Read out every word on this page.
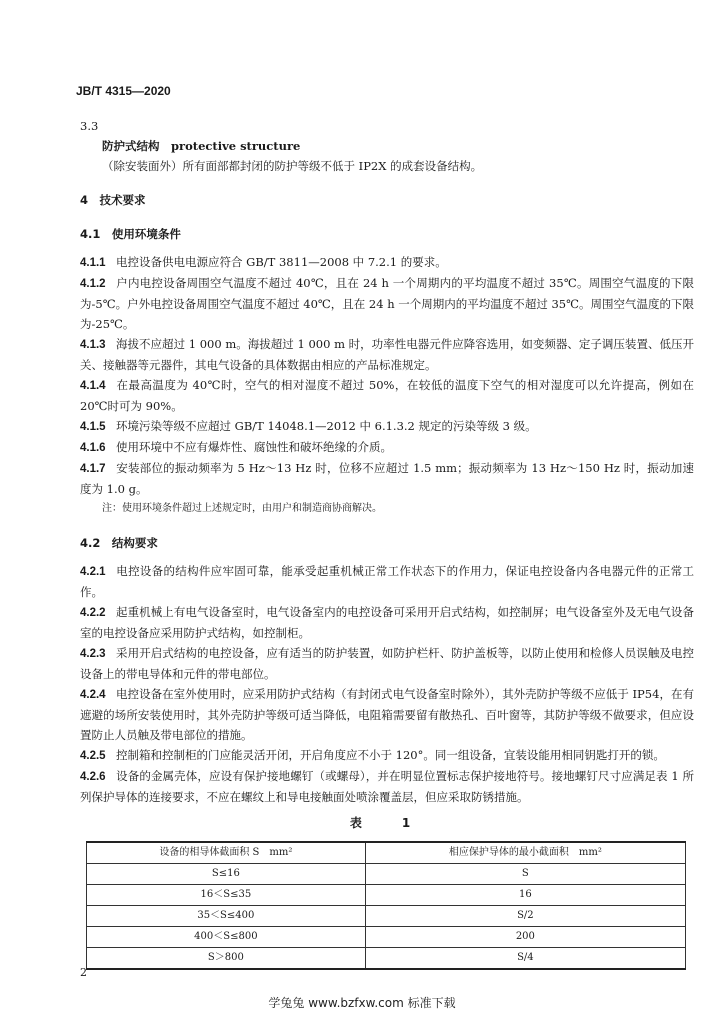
JB/T 4315—2020

3.3

防护式结构　protective structure

（除安装面外）所有面部都封闭的防护等级不低于 IP2X 的成套设备结构。

4　 技术要求

4.1　 使用环境条件

4.1.1 电控设备供电电源应符合 GB/T 3811—2008 中 7.2.1 的要求。

4.1.2 户内电控设备周围空气温度不超过 40℃，且在 24 h 一个周期内的平均温度不超过 35℃。周围空气温度的下限为-5℃。户外电控设备周围空气温度不超过 40℃，且在 24 h 一个周期内的平均温度不超过 35℃。周围空气温度的下限为-25℃。

4.1.3 海拔不应超过 1 000 m。海拔超过 1 000 m 时，功率性电器元件应降容选用，如变频器、定子调压装置、低压开关、接触器等元器件，其电气设备的具体数据由相应的产品标准规定。

4.1.4 在最高温度为 40℃时，空气的相对湿度不超过 50%，在较低的温度下空气的相对湿度可以允许提高，例如在 20℃时可为 90%。

4.1.5 环境污染等级不应超过 GB/T 14048.1—2012 中 6.1.3.2 规定的污染等级 3 级。

4.1.6 使用环境中不应有爆炸性、腐蚀性和破坏绝缘的介质。

4.1.7 安装部位的振动频率为 5 Hz～13 Hz 时，位移不应超过 1.5 mm；振动频率为 13 Hz～150 Hz 时，振动加速度为 1.0 g。

注：使用环境条件超过上述规定时，由用户和制造商协商解决。

4.2　 结构要求

4.2.1 电控设备的结构件应牢固可靠，能承受起重机械正常工作状态下的作用力，保证电控设备内各电器元件的正常工作。

4.2.2 起重机械上有电气设备室时，电气设备室内的电控设备可采用开启式结构，如控制屏；电气设备室外及无电气设备室的电控设备应采用防护式结构，如控制柜。

4.2.3 采用开启式结构的电控设备，应有适当的防护装置，如防护栏杆、防护盖板等，以防止使用和检修人员误触及电控设备上的带电导体和元件的带电部位。

4.2.4 电控设备在室外使用时，应采用防护式结构（有封闭式电气设备室时除外），其外壳防护等级不应低于 IP54，在有遮避的场所安装使用时，其外壳防护等级可适当降低，电阻箱需要留有散热孔、百叶窗等，其防护等级不做要求，但应设置防止人员触及带电部位的措施。

4.2.5 控制箱和控制柜的门应能灵活开闭，开启角度应不小于 120°。同一组设备，宜装设能用相同钥匙打开的锁。

4.2.6 设备的金属壳体，应设有保护接地螺钉（或螺母），并在明显位置标志保护接地符号。接地螺钉尺寸应满足表 1 所列保护导体的连接要求，不应在螺纹上和导电接触面处喷涂覆盖层，但应采取防锈措施。

表　1
设备的相导体截面积 S　mm²	相应保护导体的最小截面积　mm²
S≤16	S
16＜S≤35	16
35＜S≤400	S/2
400＜S≤800	200
S＞800	S/4
2
学兔兔 www.bzfxw.com 标准下载
